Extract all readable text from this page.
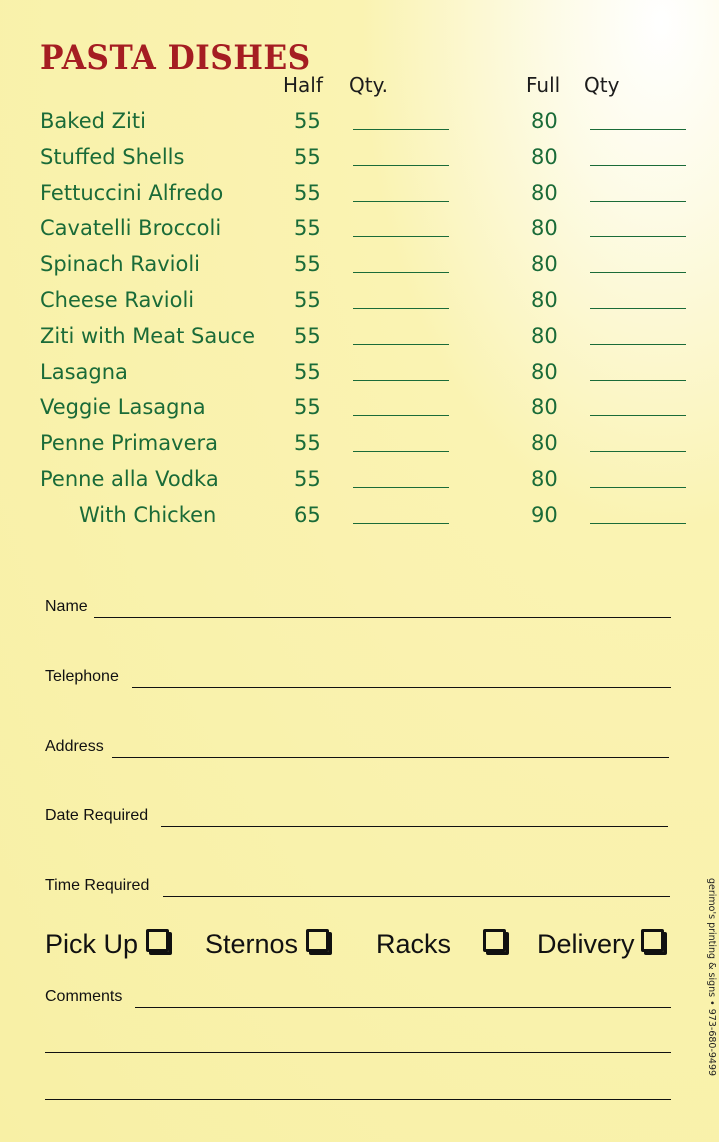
PASTA DISHES
Half Qty.	Full Qty
Baked Ziti	55	80
Stuffed Shells	55	80
Fettuccini Alfredo	55	80
Cavatelli Broccoli	55	80
Spinach Ravioli	55	80
Cheese Ravioli	55	80
Ziti with Meat Sauce 55	80
Lasagna	55	80
Veggie Lasagna	55	80
Penne Primavera	55	80
Penne alla Vodka	55	80
With Chicken	65	90
Name
Telephone
Address
Date Required
Time Required
Pick Up	Sternos	Racks	Delivery
Comments	gerimo's printing & signs • 973-680-9499
